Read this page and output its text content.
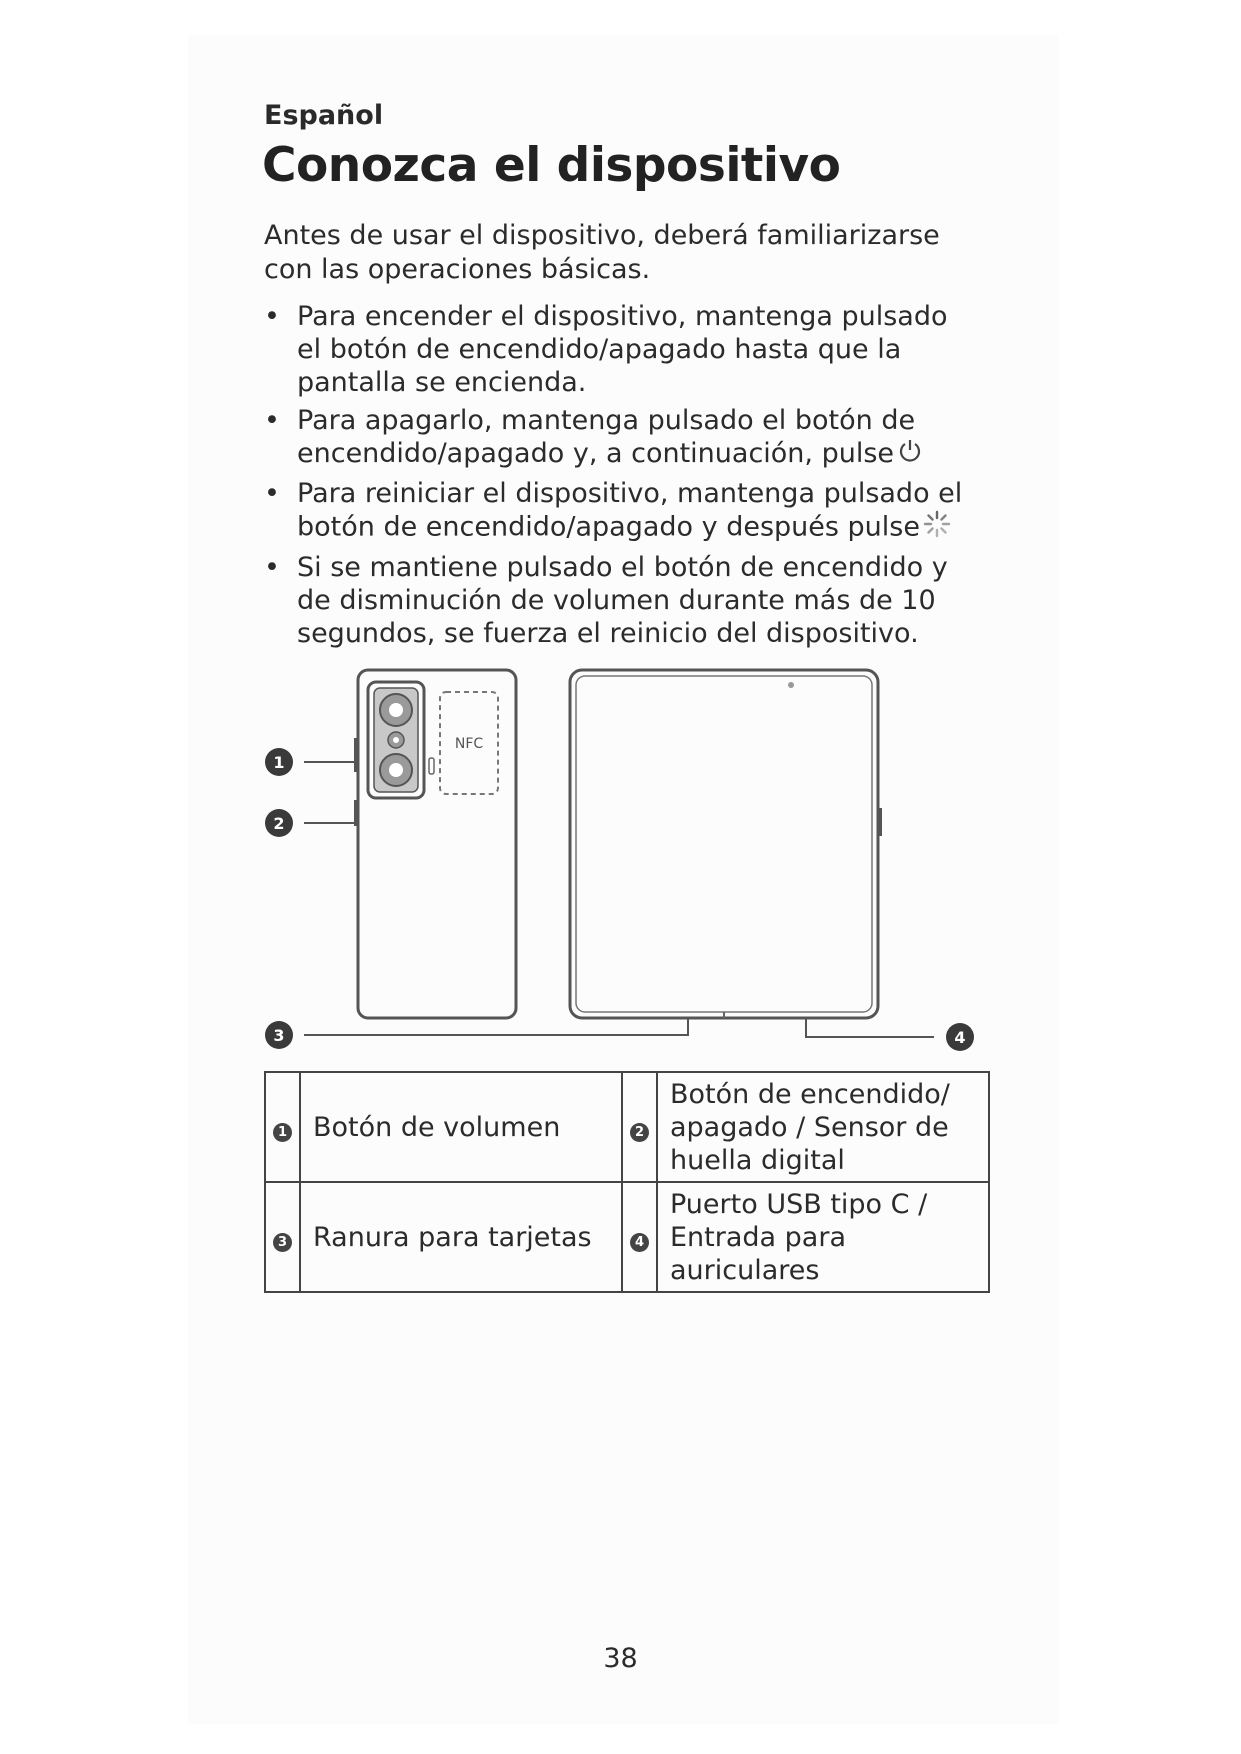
Español
Conozca el dispositivo
Antes de usar el dispositivo, deberá familiarizarse con las operaciones básicas.
• Para encender el dispositivo, mantenga pulsado el botón de encendido/apagado hasta que la pantalla se encienda.
• Para apagarlo, mantenga pulsado el botón de encendido/apagado y, a continuación, pulse
• Para reiniciar el dispositivo, mantenga pulsado el botón de encendido/apagado y después pulse
• Si se mantiene pulsado el botón de encendido y de disminución de volumen durante más de 10 segundos, se fuerza el reinicio del dispositivo.
NFC
1
2
3	4
1	Botón de volumen	2	Botón de encendido/ apagado / Sensor de huella digital
3	Ranura para tarjetas	4	Puerto USB tipo C / Entrada para auriculares
38
